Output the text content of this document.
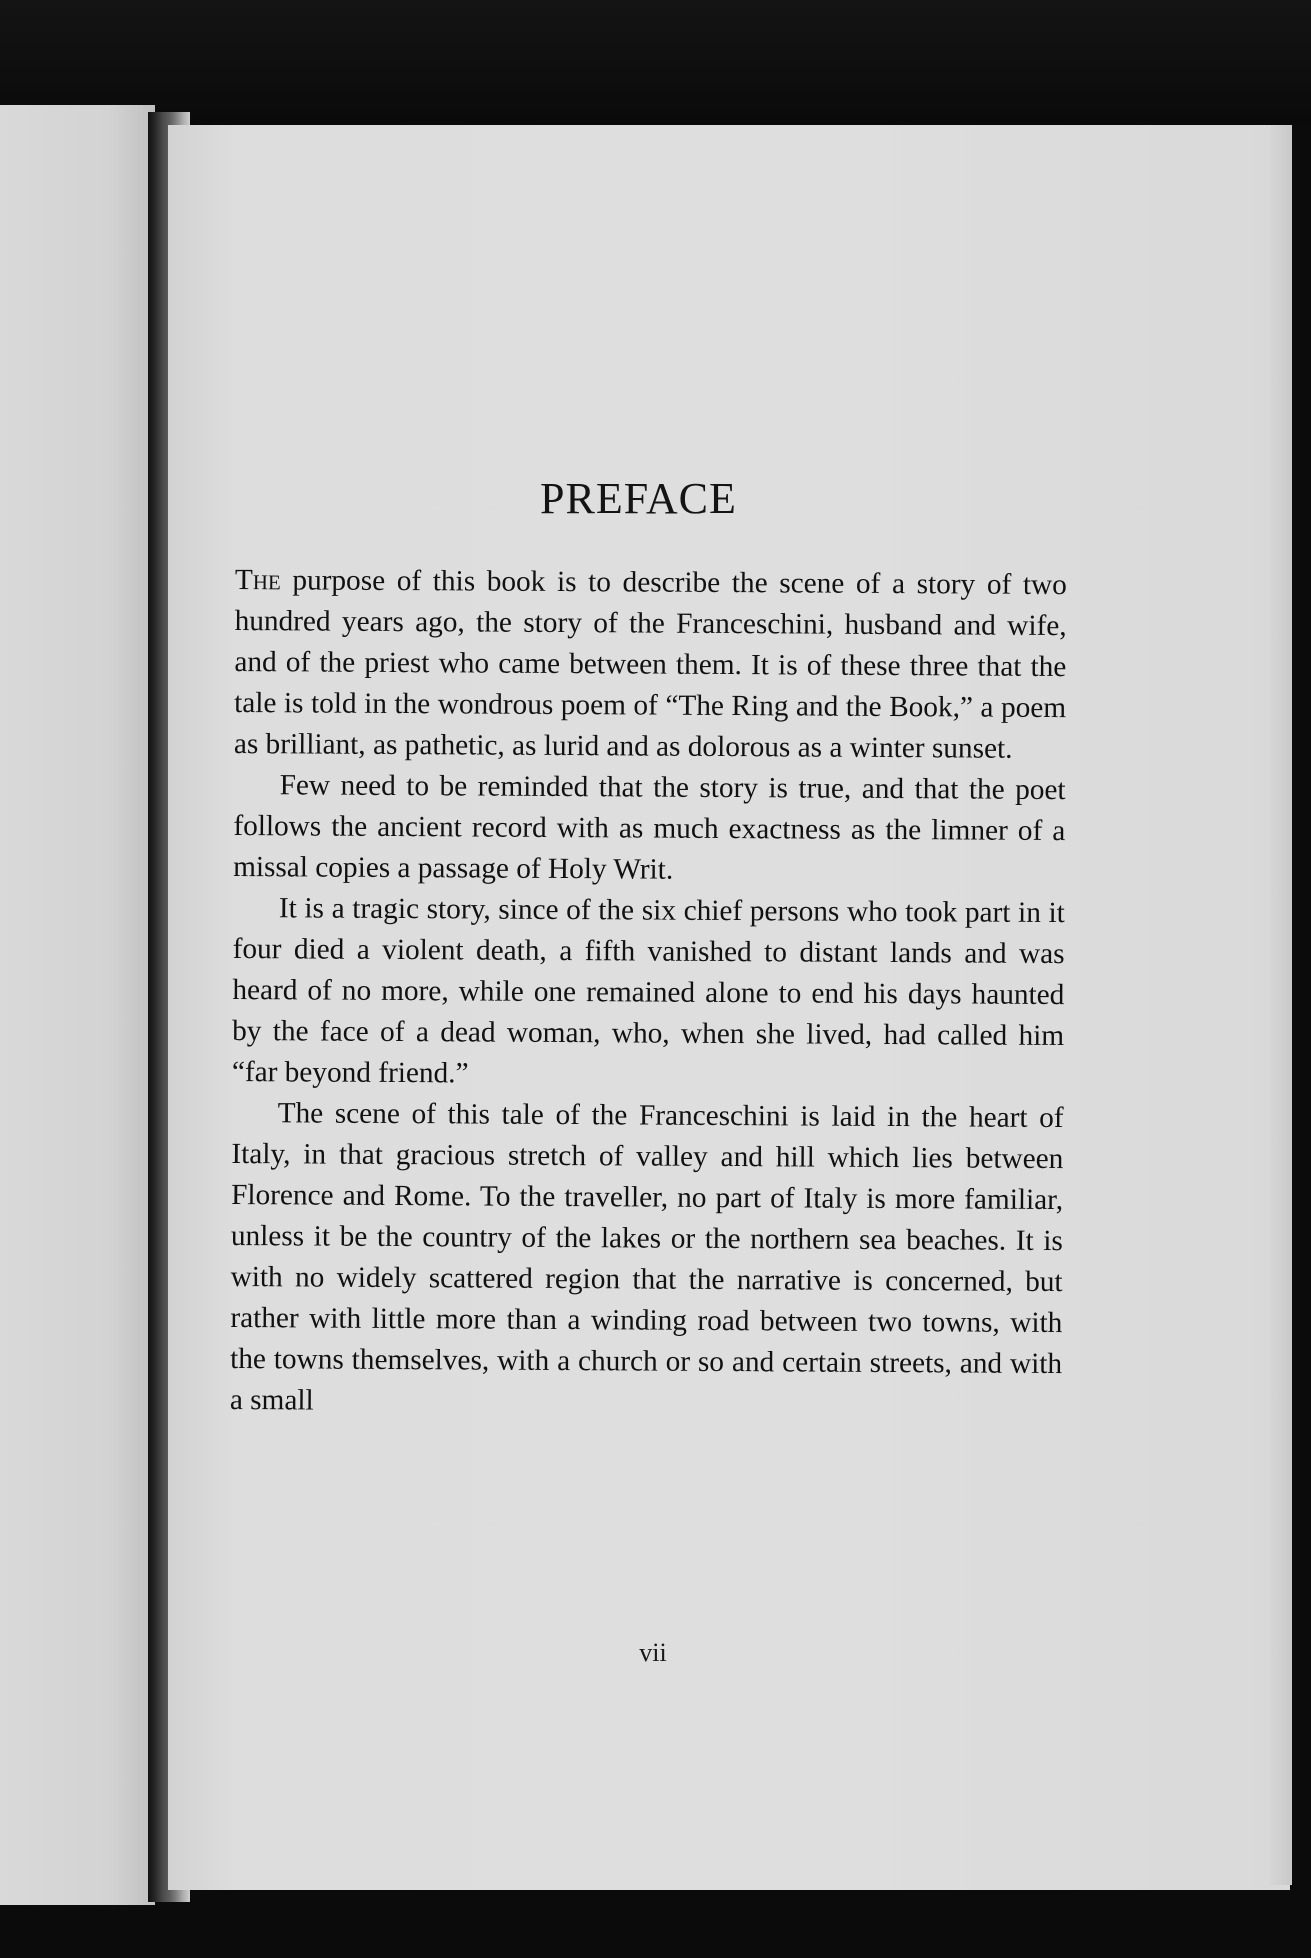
PREFACE

The purpose of this book is to describe the scene of a story of two hundred years ago, the story of the Franceschini, husband and wife, and of the priest who came between them. It is of these three that the tale is told in the wondrous poem of “The Ring and the Book,” a poem as brilliant, as pathetic, as lurid and as dolorous as a winter sunset.

Few need to be reminded that the story is true, and that the poet follows the ancient record with as much exactness as the limner of a missal copies a passage of Holy Writ.

It is a tragic story, since of the six chief persons who took part in it four died a violent death, a fifth vanished to distant lands and was heard of no more, while one remained alone to end his days haunted by the face of a dead woman, who, when she lived, had called him “far beyond friend.”

The scene of this tale of the Franceschini is laid in the heart of Italy, in that gracious stretch of valley and hill which lies between Florence and Rome. To the traveller, no part of Italy is more familiar, unless it be the country of the lakes or the northern sea beaches. It is with no widely scattered region that the narrative is concerned, but rather with little more than a winding road between two towns, with the towns themselves, with a church or so and certain streets, and with a small

vii
